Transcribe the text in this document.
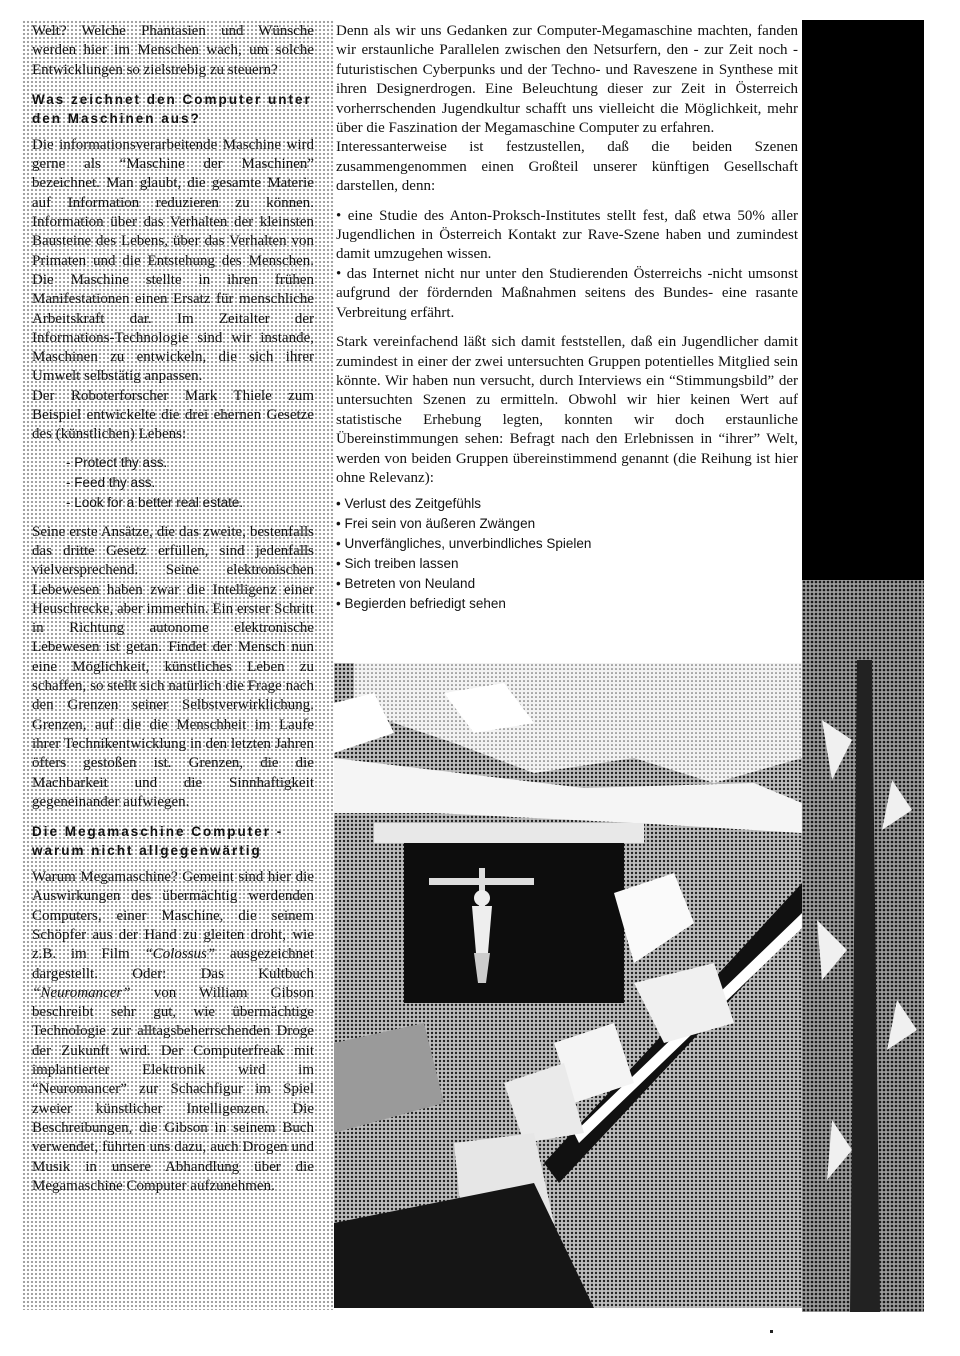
Welt? Welche Phantasien und Wünsche werden hier im Menschen wach, um solche Entwicklungen so zielstrebig zu steuern?

Was zeichnet den Computer unter den Maschinen aus?

Die informationsverarbeitende Maschine wird gerne als “Maschine der Maschinen” bezeichnet. Man glaubt, die gesamte Materie auf Information reduzieren zu können. Information über das Verhalten der kleinsten Bausteine des Lebens, über das Verhalten von Primaten und die Entstehung des Menschen. Die Maschine stellte in ihren frühen Manifestationen einen Ersatz für menschliche Arbeitskraft dar. Im Zeitalter der Informations-Technologie sind wir instande, Maschinen zu entwickeln, die sich ihrer Umwelt selbstätig anpassen.

Der Roboterforscher Mark Thiele zum Beispiel entwickelte die drei ehernen Gesetze des (künstlichen) Lebens:

- Protect thy ass.
- Feed thy ass.
- Look for a better real estate.

Seine erste Ansätze, die das zweite, bestenfalls das dritte Gesetz erfüllen, sind jedenfalls vielversprechend. Seine elektronischen Lebewesen haben zwar die Intelligenz einer Heuschrecke, aber immerhin. Ein erster Schritt in Richtung autonome elektronische Lebewesen ist getan. Findet der Mensch nun eine Möglichkeit, künstliches Leben zu schaffen, so stellt sich natürlich die Frage nach den Grenzen seiner Selbstverwirklichung. Grenzen, auf die die Menschheit im Laufe ihrer Technikentwicklung in den letzten Jahren öfters gestoßen ist. Grenzen, die die Machbarkeit und die Sinnhaftigkeit gegeneinander aufwiegen.

Die Megamaschine Computer - warum nicht allgegenwärtig

Warum Megamaschine? Gemeint sind hier die Auswirkungen des übermächtig werdenden Computers, einer Maschine, die seinem Schöpfer aus der Hand zu gleiten droht, wie z.B. im Film “Colossus” ausgezeichnet dargestellt. Oder: Das Kultbuch “Neuromancer” von William Gibson beschreibt sehr gut, wie übermächtige Technologie zur alltagsbeherrschenden Droge der Zukunft wird. Der Computerfreak mit implantierter Elektronik wird im “Neuromancer” zur Schachfigur im Spiel zweier künstlicher Intelligenzen. Die Beschreibungen, die Gibson in seinem Buch verwendet, führten uns dazu, auch Drogen und Musik in unsere Abhandlung über die Megamaschine Computer aufzunehmen.

Denn als wir uns Gedanken zur Computer-Megamaschine machten, fanden wir erstaunliche Parallelen zwischen den Netsurfern, den - zur Zeit noch - futuristischen Cyberpunks und der Techno- und Raveszene in Synthese mit ihren Designerdrogen. Eine Beleuchtung dieser zur Zeit in Österreich vorherrschenden Jugendkultur schafft uns vielleicht die Möglichkeit, mehr über die Faszination der Megamaschine Computer zu erfahren.

Interessanterweise ist festzustellen, daß die beiden Szenen zusammengenommen einen Großteil unserer künftigen Gesellschaft darstellen, denn:

• eine Studie des Anton-Proksch-Institutes stellt fest, daß etwa 50% aller Jugendlichen in Österreich Kontakt zur Rave-Szene haben und zumindest damit umzugehen wissen.

• das Internet nicht nur unter den Studierenden Österreichs -nicht umsonst aufgrund der fördernden Maßnahmen seitens des Bundes- eine rasante Verbreitung erfährt.

Stark vereinfachend läßt sich damit feststellen, daß ein Jugendlicher damit zumindest in einer der zwei untersuchten Gruppen potentielles Mitglied sein könnte. Wir haben nun versucht, durch Interviews ein “Stimmungsbild” der untersuchten Szenen zu ermitteln. Obwohl wir hier keinen Wert auf statistische Erhebung legten, konnten wir doch erstaunliche Übereinstimmungen sehen: Befragt nach den Erlebnissen in “ihrer” Welt, werden von beiden Gruppen übereinstimmend genannt (die Reihung ist hier ohne Relevanz):

• Verlust des Zeitgefühls
• Frei sein von äußeren Zwängen
• Unverfängliches, unverbindliches Spielen
• Sich treiben lassen
• Betreten von Neuland
• Begierden befriedigt sehen
